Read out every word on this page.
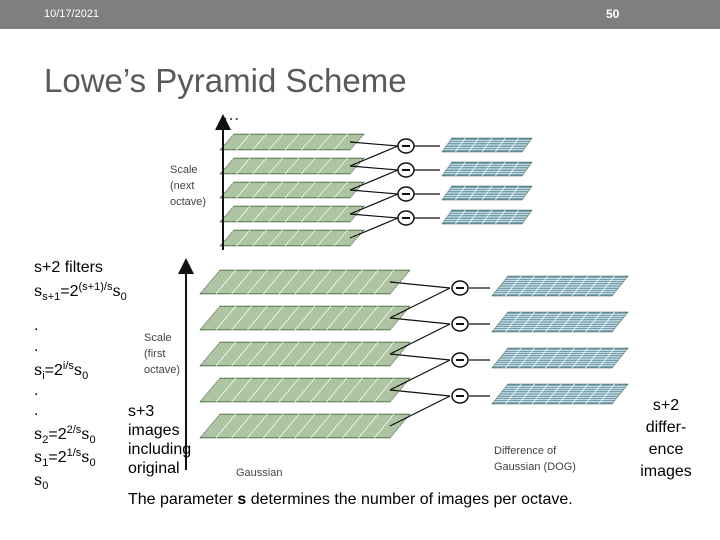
10/17/2021	50
Lowe’s Pyramid Scheme
…
Scale
(next
octave)
Scale
(first
octave)
Gaussian
Difference of
Gaussian (DOG)
s+2 filters
$s_{s+1}=2^{(s+1)/s}s_0$
.
.
$s_i=2^{i/s}s_0$
.
.
$s_2=2^{2/s}s_0$
$s_1=2^{1/s}s_0$
$s_0$
s+3
images
including
original
s+2
differ-
ence
images
The parameter s determines the number of images per octave.
